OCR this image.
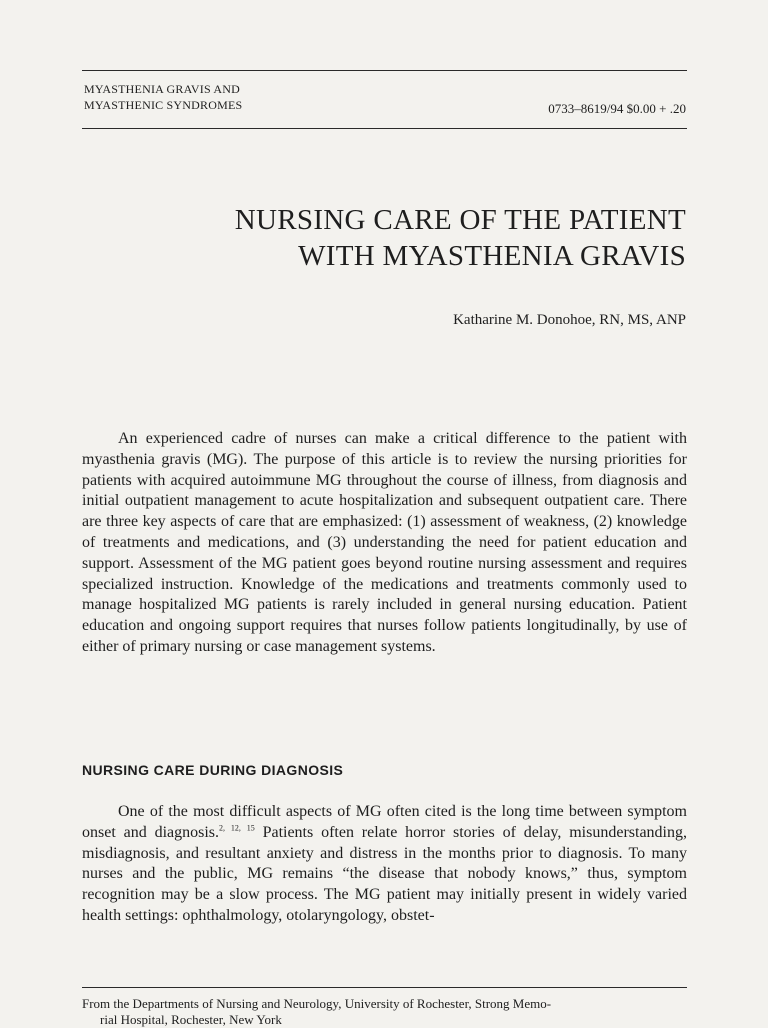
MYASTHENIA GRAVIS AND
MYASTHENIC SYNDROMES	0733–8619/94 $0.00 + .20
NURSING CARE OF THE PATIENT
WITH MYASTHENIA GRAVIS
Katharine M. Donohoe, RN, MS, ANP

An experienced cadre of nurses can make a critical difference to the patient with myasthenia gravis (MG). The purpose of this article is to review the nursing priorities for patients with acquired autoimmune MG throughout the course of illness, from diagnosis and initial outpatient management to acute hospitalization and subsequent outpatient care. There are three key aspects of care that are emphasized: (1) assessment of weakness, (2) knowledge of treatments and medications, and (3) understanding the need for patient education and support. Assessment of the MG patient goes beyond routine nursing assessment and requires specialized instruction. Knowledge of the medications and treatments commonly used to manage hospitalized MG patients is rarely included in general nursing education. Patient education and ongoing support requires that nurses follow patients longitudinally, by use of either of primary nursing or case management systems.

NURSING CARE DURING DIAGNOSIS

One of the most difficult aspects of MG often cited is the long time between symptom onset and diagnosis.$^{2, 12, 15}$ Patients often relate horror stories of delay, misunderstanding, misdiagnosis, and resultant anxiety and distress in the months prior to diagnosis. To many nurses and the public, MG remains “the disease that nobody knows,” thus, symptom recognition may be a slow process. The MG patient may initially present in widely varied health settings: ophthalmology, otolaryngology, obstet-

From the Departments of Nursing and Neurology, University of Rochester, Strong Memo-
rial Hospital, Rochester, New York
